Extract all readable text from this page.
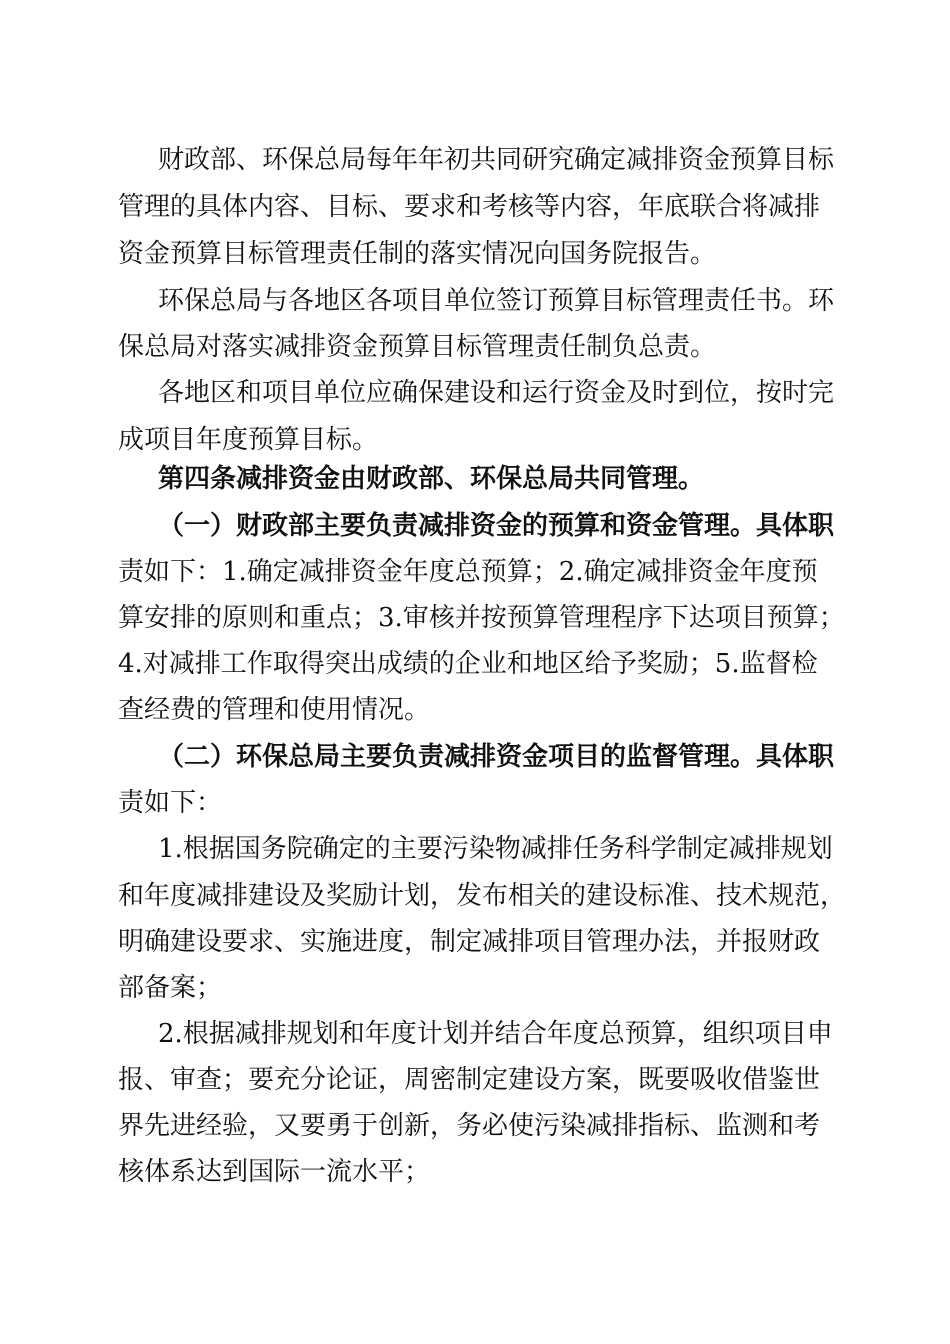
财政部、环保总局每年年初共同研究确定减排资金预算目标
管理的具体内容、目标、要求和考核等内容，年底联合将减排
资金预算目标管理责任制的落实情况向国务院报告。
环保总局与各地区各项目单位签订预算目标管理责任书。环
保总局对落实减排资金预算目标管理责任制负总责。
各地区和项目单位应确保建设和运行资金及时到位，按时完
成项目年度预算目标。
第四条减排资金由财政部、环保总局共同管理。
（一）财政部主要负责减排资金的预算和资金管理。具体职
责如下：1.确定减排资金年度总预算；2.确定减排资金年度预
算安排的原则和重点；3.审核并按预算管理程序下达项目预算；
4.对减排工作取得突出成绩的企业和地区给予奖励；5.监督检
查经费的管理和使用情况。
（二）环保总局主要负责减排资金项目的监督管理。具体职
责如下：
1.根据国务院确定的主要污染物减排任务科学制定减排规划
和年度减排建设及奖励计划，发布相关的建设标准、技术规范，
明确建设要求、实施进度，制定减排项目管理办法，并报财政
部备案；
2.根据减排规划和年度计划并结合年度总预算，组织项目申
报、审查；要充分论证，周密制定建设方案，既要吸收借鉴世
界先进经验，又要勇于创新，务必使污染减排指标、监测和考
核体系达到国际一流水平；
